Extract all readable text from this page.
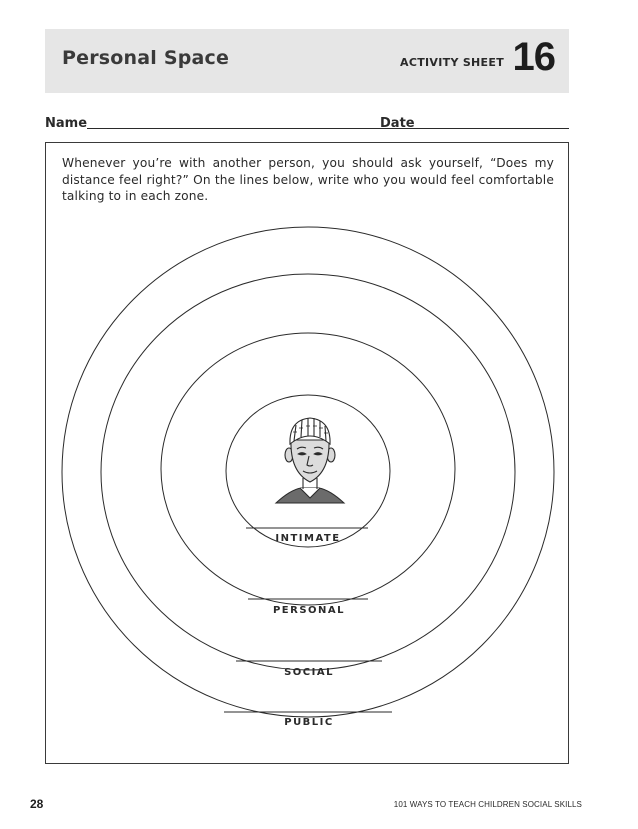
Personal Space	ACTIVITY SHEET 16
Name	Date
Whenever you’re with another person, you should ask yourself, “Does my distance feel right?” On the lines below, write who you would feel comfortable talking to in each zone.
INTIMATE
PERSONAL
SOCIAL
PUBLIC
28	101 WAYS TO TEACH CHILDREN SOCIAL SKILLS
